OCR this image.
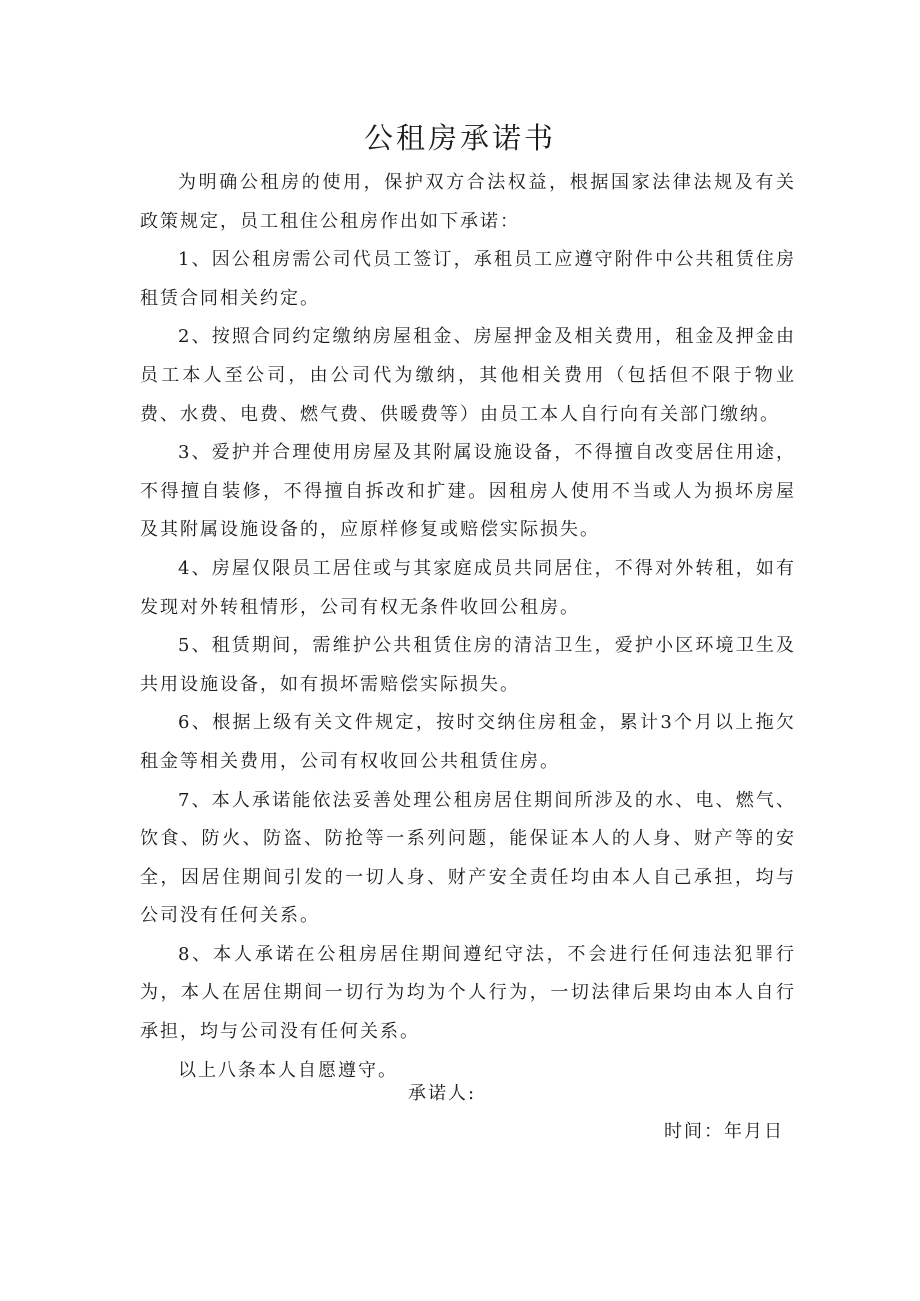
公租房承诺书

为明确公租房的使用，保护双方合法权益，根据国家法律法规及有关政策规定，员工租住公租房作出如下承诺：

1、因公租房需公司代员工签订，承租员工应遵守附件中公共租赁住房租赁合同相关约定。

2、按照合同约定缴纳房屋租金、房屋押金及相关费用，租金及押金由员工本人至公司，由公司代为缴纳，其他相关费用（包括但不限于物业费、水费、电费、燃气费、供暖费等）由员工本人自行向有关部门缴纳。

3、爱护并合理使用房屋及其附属设施设备，不得擅自改变居住用途，不得擅自装修，不得擅自拆改和扩建。因租房人使用不当或人为损坏房屋及其附属设施设备的，应原样修复或赔偿实际损失。

4、房屋仅限员工居住或与其家庭成员共同居住，不得对外转租，如有发现对外转租情形，公司有权无条件收回公租房。

5、租赁期间，需维护公共租赁住房的清洁卫生，爱护小区环境卫生及共用设施设备，如有损坏需赔偿实际损失。

6、根据上级有关文件规定，按时交纳住房租金，累计3个月以上拖欠租金等相关费用，公司有权收回公共租赁住房。

7、本人承诺能依法妥善处理公租房居住期间所涉及的水、电、燃气、饮食、防火、防盗、防抢等一系列问题，能保证本人的人身、财产等的安全，因居住期间引发的一切人身、财产安全责任均由本人自己承担，均与公司没有任何关系。

8、本人承诺在公租房居住期间遵纪守法，不会进行任何违法犯罪行为，本人在居住期间一切行为均为个人行为，一切法律后果均由本人自行承担，均与公司没有任何关系。

以上八条本人自愿遵守。

承诺人:
时间：年月日
